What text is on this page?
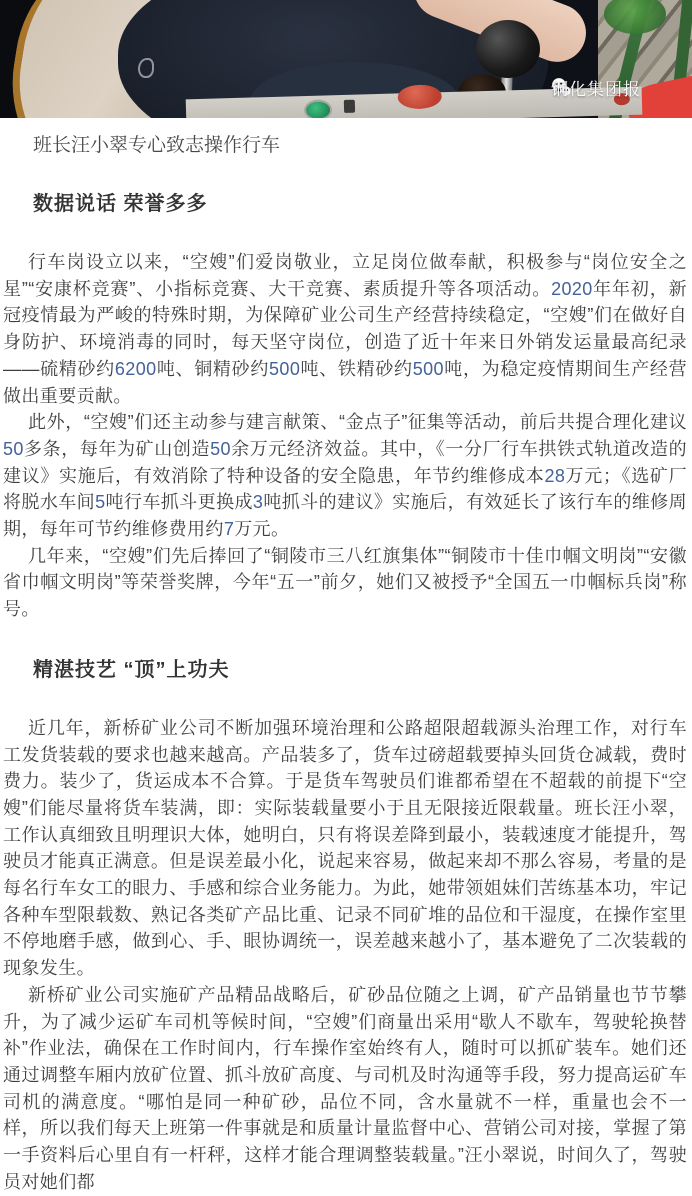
铜化集团报
班长汪小翠专心致志操作行车
数据说话 荣誉多多

行车岗设立以来，“空嫂”们爱岗敬业，立足岗位做奉献，积极参与“岗位安全之星”“安康杯竞赛”、小指标竞赛、大干竞赛、素质提升等各项活动。2020年年初，新冠疫情最为严峻的特殊时期，为保障矿业公司生产经营持续稳定，“空嫂”们在做好自身防护、环境消毒的同时，每天坚守岗位，创造了近十年来日外销发运量最高纪录——硫精砂约6200吨、铜精砂约500吨、铁精砂约500吨，为稳定疫情期间生产经营做出重要贡献。

此外，“空嫂”们还主动参与建言献策、“金点子”征集等活动，前后共提合理化建议50多条，每年为矿山创造50余万元经济效益。其中，《一分厂行车拱铁式轨道改造的建议》实施后，有效消除了特种设备的安全隐患，年节约维修成本28万元；《选矿厂将脱水车间5吨行车抓斗更换成3吨抓斗的建议》实施后，有效延长了该行车的维修周期，每年可节约维修费用约7万元。

几年来，“空嫂”们先后捧回了“铜陵市三八红旗集体”“铜陵市十佳巾帼文明岗”“安徽省巾帼文明岗”等荣誉奖牌，今年“五一”前夕，她们又被授予“全国五一巾帼标兵岗”称号。

精湛技艺 “顶”上功夫

近几年，新桥矿业公司不断加强环境治理和公路超限超载源头治理工作，对行车工发货装载的要求也越来越高。产品装多了，货车过磅超载要掉头回货仓减载，费时费力。装少了，货运成本不合算。于是货车驾驶员们谁都希望在不超载的前提下“空嫂”们能尽量将货车装满，即：实际装载量要小于且无限接近限载量。班长汪小翠，工作认真细致且明理识大体，她明白，只有将误差降到最小，装载速度才能提升，驾驶员才能真正满意。但是误差最小化，说起来容易，做起来却不那么容易，考量的是每名行车女工的眼力、手感和综合业务能力。为此，她带领姐妹们苦练基本功，牢记各种车型限载数、熟记各类矿产品比重、记录不同矿堆的品位和干湿度，在操作室里不停地磨手感，做到心、手、眼协调统一，误差越来越小了，基本避免了二次装载的现象发生。

新桥矿业公司实施矿产品精品战略后，矿砂品位随之上调，矿产品销量也节节攀升，为了减少运矿车司机等候时间，“空嫂”们商量出采用“歇人不歇车，驾驶轮换替补”作业法，确保在工作时间内，行车操作室始终有人，随时可以抓矿装车。她们还通过调整车厢内放矿位置、抓斗放矿高度、与司机及时沟通等手段，努力提高运矿车司机的满意度。“哪怕是同一种矿砂，品位不同，含水量就不一样，重量也会不一样，所以我们每天上班第一件事就是和质量计量监督中心、营销公司对接，掌握了第一手资料后心里自有一杆秤，这样才能合理调整装载量。”汪小翠说，时间久了，驾驶员对她们都
